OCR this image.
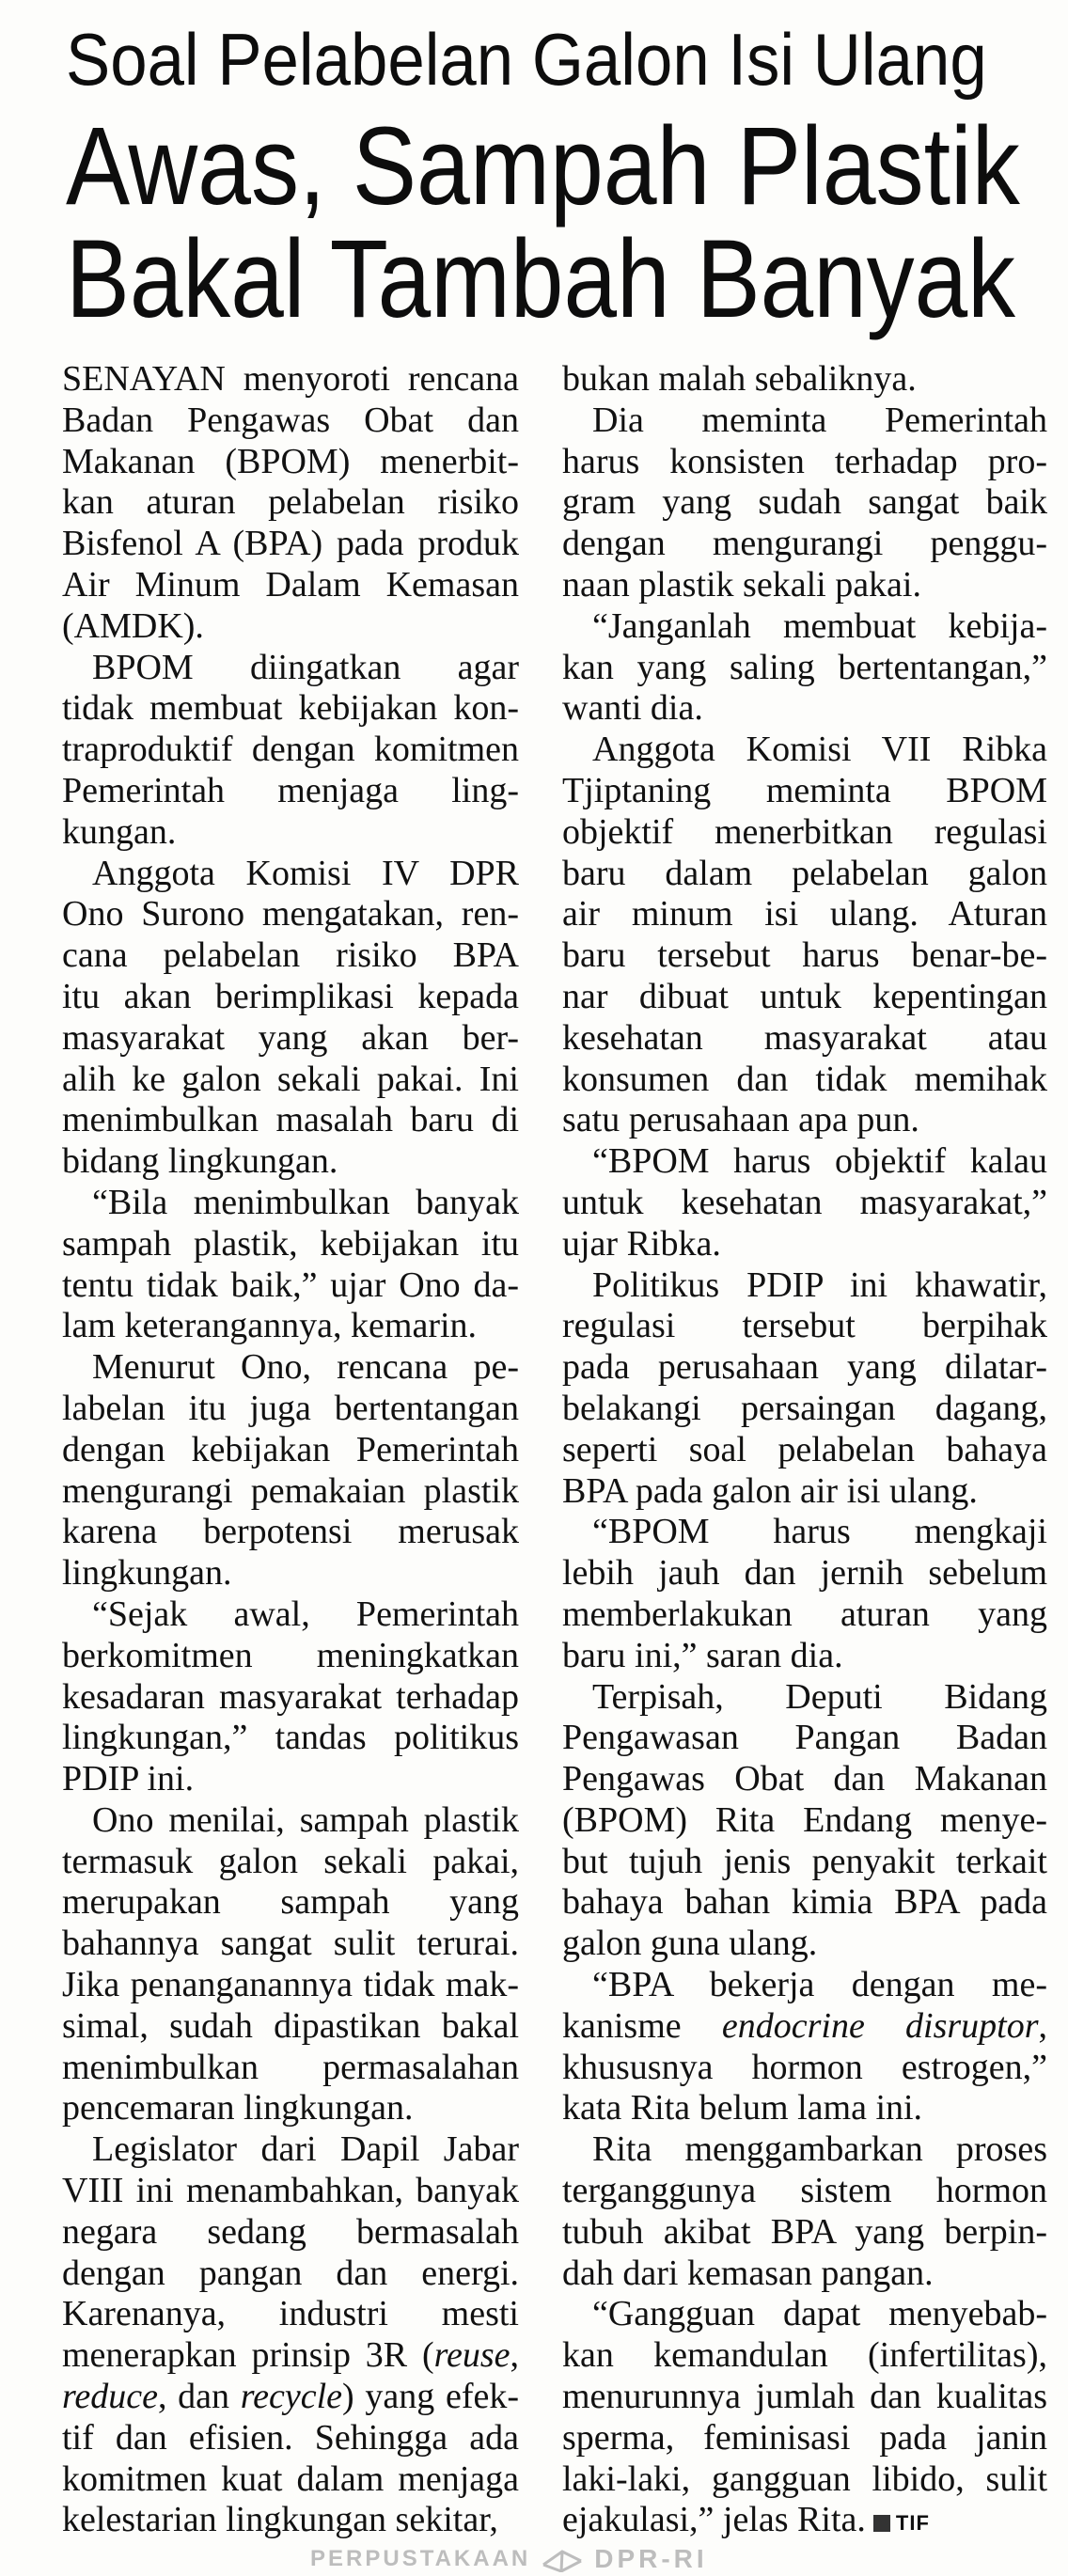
Soal Pelabelan Galon Isi Ulang
Awas, Sampah Plastik
Bakal Tambah Banyak
SENAYAN menyoroti rencana
Badan Pengawas Obat dan
Makanan (BPOM) menerbit-
kan aturan pelabelan risiko
Bisfenol A (BPA) pada produk
Air Minum Dalam Kemasan
(AMDK).
BPOM diingatkan agar
tidak membuat kebijakan kon-
traproduktif dengan komitmen
Pemerintah menjaga ling-
kungan.
Anggota Komisi IV DPR
Ono Surono mengatakan, ren-
cana pelabelan risiko BPA
itu akan berimplikasi kepada
masyarakat yang akan ber-
alih ke galon sekali pakai. Ini
menimbulkan masalah baru di
bidang lingkungan.
“Bila menimbulkan banyak
sampah plastik, kebijakan itu
tentu tidak baik,” ujar Ono da-
lam keterangannya, kemarin.
Menurut Ono, rencana pe-
labelan itu juga bertentangan
dengan kebijakan Pemerintah
mengurangi pemakaian plastik
karena berpotensi merusak
lingkungan.
“Sejak awal, Pemerintah
berkomitmen meningkatkan
kesadaran masyarakat terhadap
lingkungan,” tandas politikus
PDIP ini.
Ono menilai, sampah plastik
termasuk galon sekali pakai,
merupakan sampah yang
bahannya sangat sulit terurai.
Jika penanganannya tidak mak-
simal, sudah dipastikan bakal
menimbulkan permasalahan
pencemaran lingkungan.
Legislator dari Dapil Jabar
VIII ini menambahkan, banyak
negara sedang bermasalah
dengan pangan dan energi.
Karenanya, industri mesti
menerapkan prinsip 3R (reuse,
reduce, dan recycle) yang efek-
tif dan efisien. Sehingga ada
komitmen kuat dalam menjaga
kelestarian lingkungan sekitar,
bukan malah sebaliknya.
Dia meminta Pemerintah
harus konsisten terhadap pro-
gram yang sudah sangat baik
dengan mengurangi penggu-
naan plastik sekali pakai.
“Janganlah membuat kebija-
kan yang saling bertentangan,”
wanti dia.
Anggota Komisi VII Ribka
Tjiptaning meminta BPOM
objektif menerbitkan regulasi
baru dalam pelabelan galon
air minum isi ulang. Aturan
baru tersebut harus benar-be-
nar dibuat untuk kepentingan
kesehatan masyarakat atau
konsumen dan tidak memihak
satu perusahaan apa pun.
“BPOM harus objektif kalau
untuk kesehatan masyarakat,”
ujar Ribka.
Politikus PDIP ini khawatir,
regulasi tersebut berpihak
pada perusahaan yang dilatar-
belakangi persaingan dagang,
seperti soal pelabelan bahaya
BPA pada galon air isi ulang.
“BPOM harus mengkaji
lebih jauh dan jernih sebelum
memberlakukan aturan yang
baru ini,” saran dia.
Terpisah, Deputi Bidang
Pengawasan Pangan Badan
Pengawas Obat dan Makanan
(BPOM) Rita Endang menye-
but tujuh jenis penyakit terkait
bahaya bahan kimia BPA pada
galon guna ulang.
“BPA bekerja dengan me-
kanisme endocrine disruptor,
khususnya hormon estrogen,”
kata Rita belum lama ini.
Rita menggambarkan proses
terganggunya sistem hormon
tubuh akibat BPA yang berpin-
dah dari kemasan pangan.
“Gangguan dapat menyebab-
kan kemandulan (infertilitas),
menurunnya jumlah dan kualitas
sperma, feminisasi pada janin
laki-laki, gangguan libido, sulit
ejakulasi,” jelas Rita. TIF
PERPUSTAKAAN DPR-RI
